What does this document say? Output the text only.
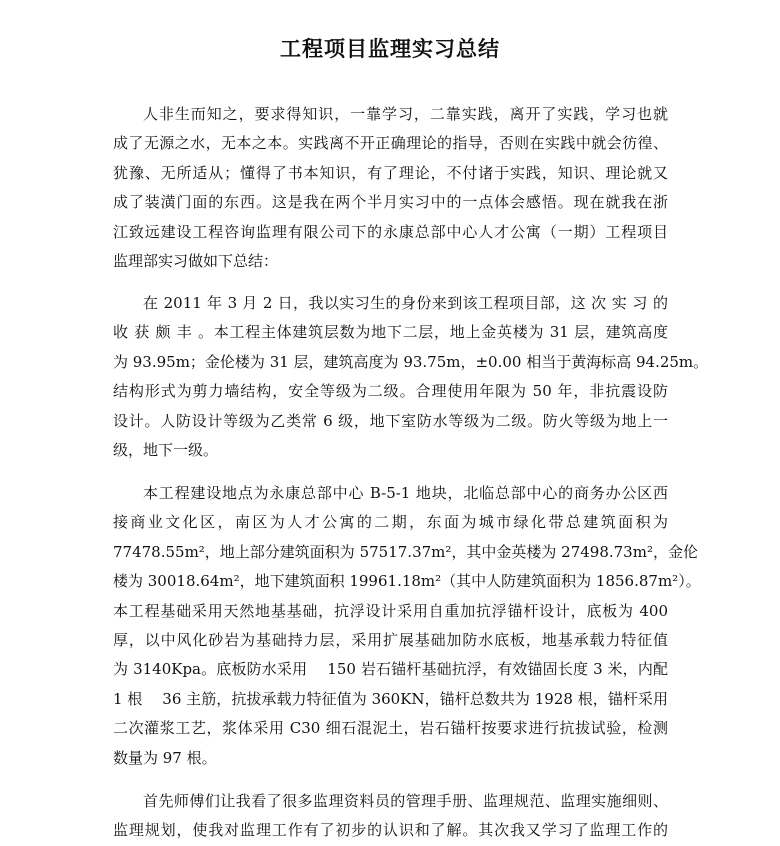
工程项目监理实习总结
人非生而知之，要求得知识，一靠学习，二靠实践，离开了实践，学习也就
成了无源之水，无本之本。实践离不开正确理论的指导，否则在实践中就会彷徨、
犹豫、无所适从；懂得了书本知识，有了理论，不付诸于实践，知识、理论就又
成了装潢门面的东西。这是我在两个半月实习中的一点体会感悟。现在就我在浙
江致远建设工程咨询监理有限公司下的永康总部中心人才公寓（一期）工程项目
监理部实习做如下总结：
在 2011 年 3 月 2 日，我以实习生的身份来到该工程项目部，这 次 实 习 的
收 获 颇 丰 。本工程主体建筑层数为地下二层，地上金英楼为 31 层，建筑高度
为 93.95m；金伦楼为 31 层，建筑高度为 93.75m，±0.00 相当于黄海标高 94.25m。
结构形式为剪力墙结构，安全等级为二级。合理使用年限为 50 年，非抗震设防
设计。人防设计等级为乙类常 6 级，地下室防水等级为二级。防火等级为地上一
级，地下一级。
本工程建设地点为永康总部中心 B-5-1 地块，北临总部中心的商务办公区西
接商业文化区，南区为人才公寓的二期，东面为城市绿化带总建筑面积为
77478.55m²，地上部分建筑面积为 57517.37m²，其中金英楼为 27498.73m²，金伦
楼为 30018.64m²，地下建筑面积 19961.18m²（其中人防建筑面积为 1856.87m²）。
本工程基础采用天然地基基础，抗浮设计采用自重加抗浮锚杆设计，底板为 400
厚，以中风化砂岩为基础持力层，采用扩展基础加防水底板，地基承载力特征值
为 3140Kpa。底板防水采用　 150 岩石锚杆基础抗浮，有效锚固长度 3 米，内配
1 根　 36 主筋，抗拔承载力特征值为 360KN，锚杆总数共为 1928 根，锚杆采用
二次灌浆工艺，浆体采用 C30 细石混泥土，岩石锚杆按要求进行抗拔试验，检测
数量为 97 根。
首先师傅们让我看了很多监理资料员的管理手册、监理规范、监理实施细则、
监理规划，使我对监理工作有了初步的认识和了解。其次我又学习了监理工作的
